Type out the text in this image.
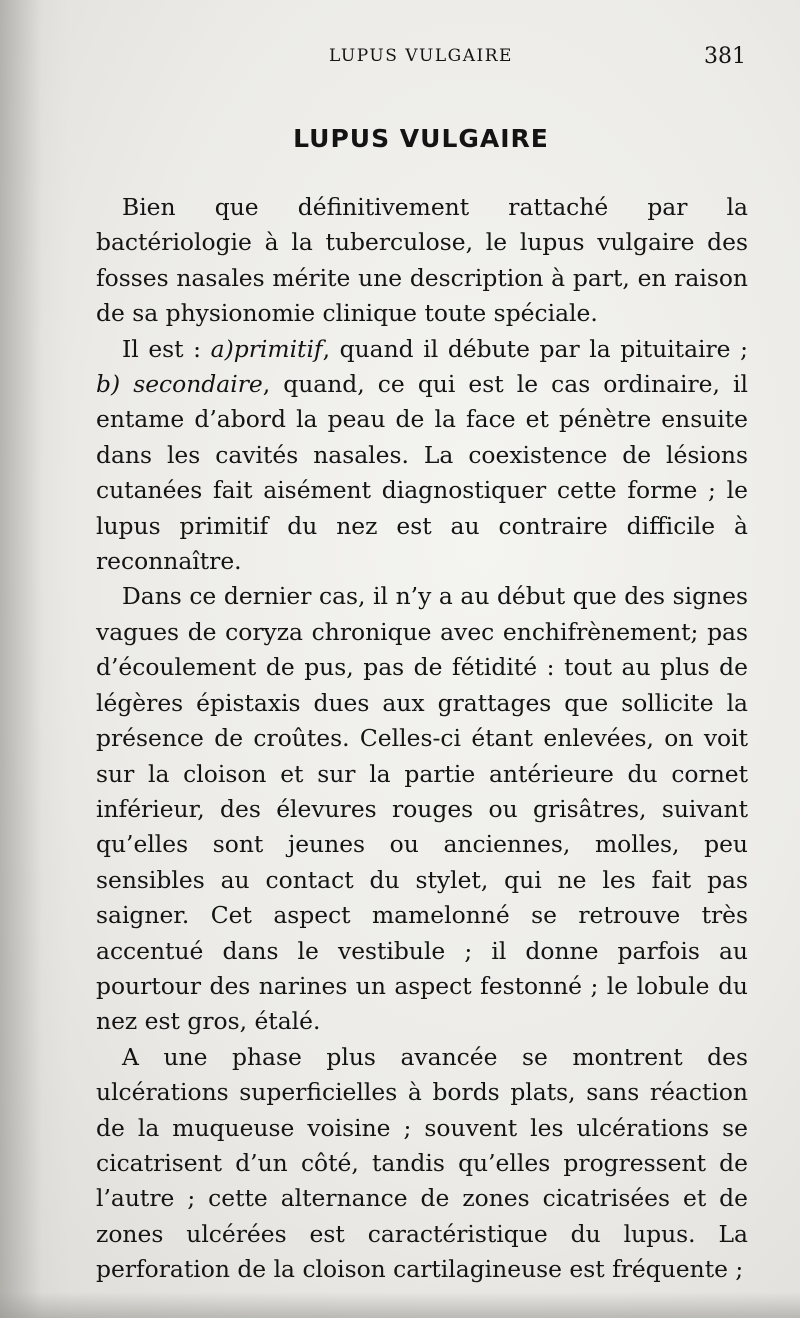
LUPUS VULGAIRE	381
LUPUS VULGAIRE

Bien que définitivement rattaché par la bactériologie à la tuberculose, le lupus vulgaire des fosses nasales mérite une description à part, en raison de sa physionomie clinique toute spéciale.

Il est : a)primitif, quand il débute par la pituitaire ; b) secondaire, quand, ce qui est le cas ordinaire, il entame d’abord la peau de la face et pénètre ensuite dans les cavités nasales. La coexistence de lésions cutanées fait aisément diagnostiquer cette forme ; le lupus primitif du nez est au contraire difficile à reconnaître.

Dans ce dernier cas, il n’y a au début que des signes vagues de coryza chronique avec enchifrènement; pas d’écoulement de pus, pas de fétidité : tout au plus de légères épistaxis dues aux grattages que sollicite la présence de croûtes. Celles-ci étant enlevées, on voit sur la cloison et sur la partie antérieure du cornet inférieur, des élevures rouges ou grisâtres, suivant qu’elles sont jeunes ou anciennes, molles, peu sensibles au contact du stylet, qui ne les fait pas saigner. Cet aspect mamelonné se retrouve très accentué dans le vestibule ; il donne parfois au pourtour des narines un aspect festonné ; le lobule du nez est gros, étalé.

A une phase plus avancée se montrent des ulcérations superficielles à bords plats, sans réaction de la muqueuse voisine ; souvent les ulcérations se cicatrisent d’un côté, tandis qu’elles progressent de l’autre ; cette alternance de zones cicatrisées et de zones ulcérées est caractéristique du lupus. La perforation de la cloison cartilagineuse est fréquente ;
